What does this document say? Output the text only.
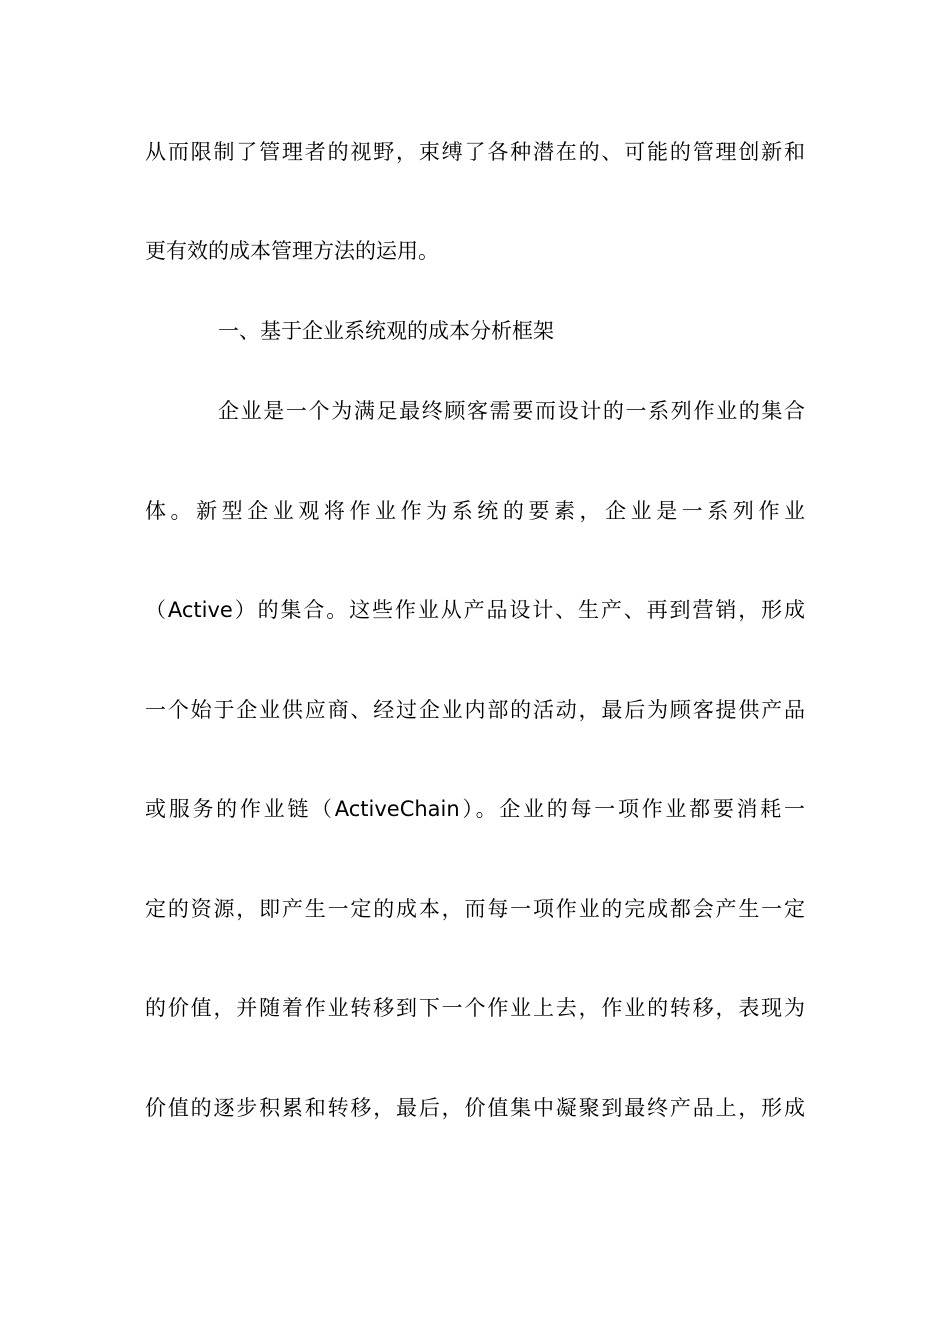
从而限制了管理者的视野，束缚了各种潜在的、可能的管理创新和
更有效的成本管理方法的运用。
一、基于企业系统观的成本分析框架
企业是一个为满足最终顾客需要而设计的一系列作业的集合
体。新型企业观将作业作为系统的要素，企业是一系列作业
（Active）的集合。这些作业从产品设计、生产、再到营销，形成
一个始于企业供应商、经过企业内部的活动，最后为顾客提供产品
或服务的作业链（ActiveChain）。企业的每一项作业都要消耗一
定的资源，即产生一定的成本，而每一项作业的完成都会产生一定
的价值，并随着作业转移到下一个作业上去，作业的转移，表现为
价值的逐步积累和转移，最后，价值集中凝聚到最终产品上，形成
